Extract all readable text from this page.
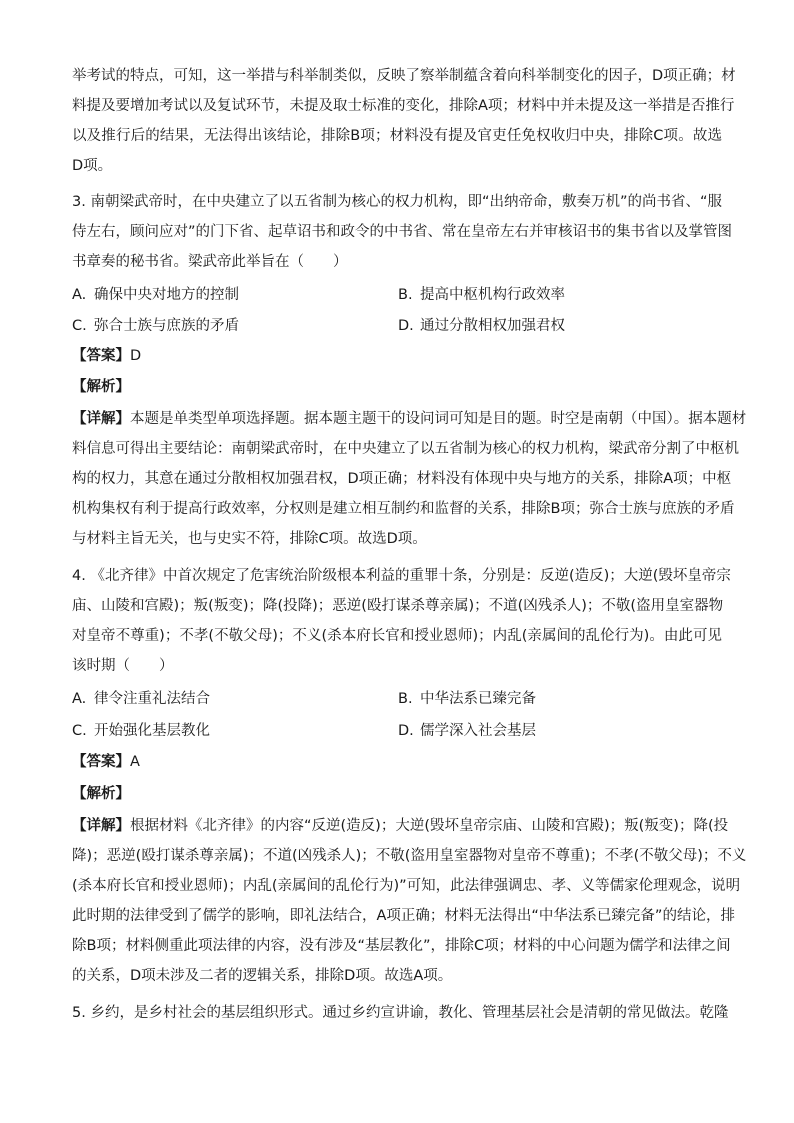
举考试的特点，可知，这一举措与科举制类似，反映了察举制蕴含着向科举制变化的因子，D项正确；材
料提及要增加考试以及复试环节，未提及取士标准的变化，排除A项；材料中并未提及这一举措是否推行
以及推行后的结果，无法得出该结论，排除B项；材料没有提及官吏任免权收归中央，排除C项。故选
D项。
3. 南朝梁武帝时，在中央建立了以五省制为核心的权力机构，即“出纳帝命，敷奏万机”的尚书省、“服
侍左右，顾问应对”的门下省、起草诏书和政令的中书省、常在皇帝左右并审核诏书的集书省以及掌管图
书章奏的秘书省。梁武帝此举旨在（　　）
A. 确保中央对地方的控制	B. 提高中枢机构行政效率
C. 弥合士族与庶族的矛盾	D. 通过分散相权加强君权
【答案】D
【解析】
【详解】本题是单类型单项选择题。据本题主题干的设问词可知是目的题。时空是南朝（中国）。据本题材
料信息可得出主要结论：南朝梁武帝时，在中央建立了以五省制为核心的权力机构，梁武帝分割了中枢机
构的权力，其意在通过分散相权加强君权，D项正确；材料没有体现中央与地方的关系，排除A项；中枢
机构集权有利于提高行政效率，分权则是建立相互制约和监督的关系，排除B项；弥合士族与庶族的矛盾
与材料主旨无关，也与史实不符，排除C项。故选D项。
4. 《北齐律》中首次规定了危害统治阶级根本利益的重罪十条，分别是：反逆(造反)；大逆(毁坏皇帝宗
庙、山陵和宫殿)；叛(叛变)；降(投降)；恶逆(殴打谋杀尊亲属)；不道(凶残杀人)；不敬(盗用皇室器物
对皇帝不尊重)；不孝(不敬父母)；不义(杀本府长官和授业恩师)；内乱(亲属间的乱伦行为)。由此可见
该时期（　　）
A. 律令注重礼法结合	B. 中华法系已臻完备
C. 开始强化基层教化	D. 儒学深入社会基层
【答案】A
【解析】
【详解】根据材料《北齐律》的内容“反逆(造反)；大逆(毁坏皇帝宗庙、山陵和宫殿)；叛(叛变)；降(投
降)；恶逆(殴打谋杀尊亲属)；不道(凶残杀人)；不敬(盗用皇室器物对皇帝不尊重)；不孝(不敬父母)；不义
(杀本府长官和授业恩师)；内乱(亲属间的乱伦行为)”可知，此法律强调忠、孝、义等儒家伦理观念，说明
此时期的法律受到了儒学的影响，即礼法结合，A项正确；材料无法得出“中华法系已臻完备”的结论，排
除B项；材料侧重此项法律的内容，没有涉及“基层教化”，排除C项；材料的中心问题为儒学和法律之间
的关系，D项未涉及二者的逻辑关系，排除D项。故选A项。
5. 乡约，是乡村社会的基层组织形式。通过乡约宣讲谕，教化、管理基层社会是清朝的常见做法。乾隆
